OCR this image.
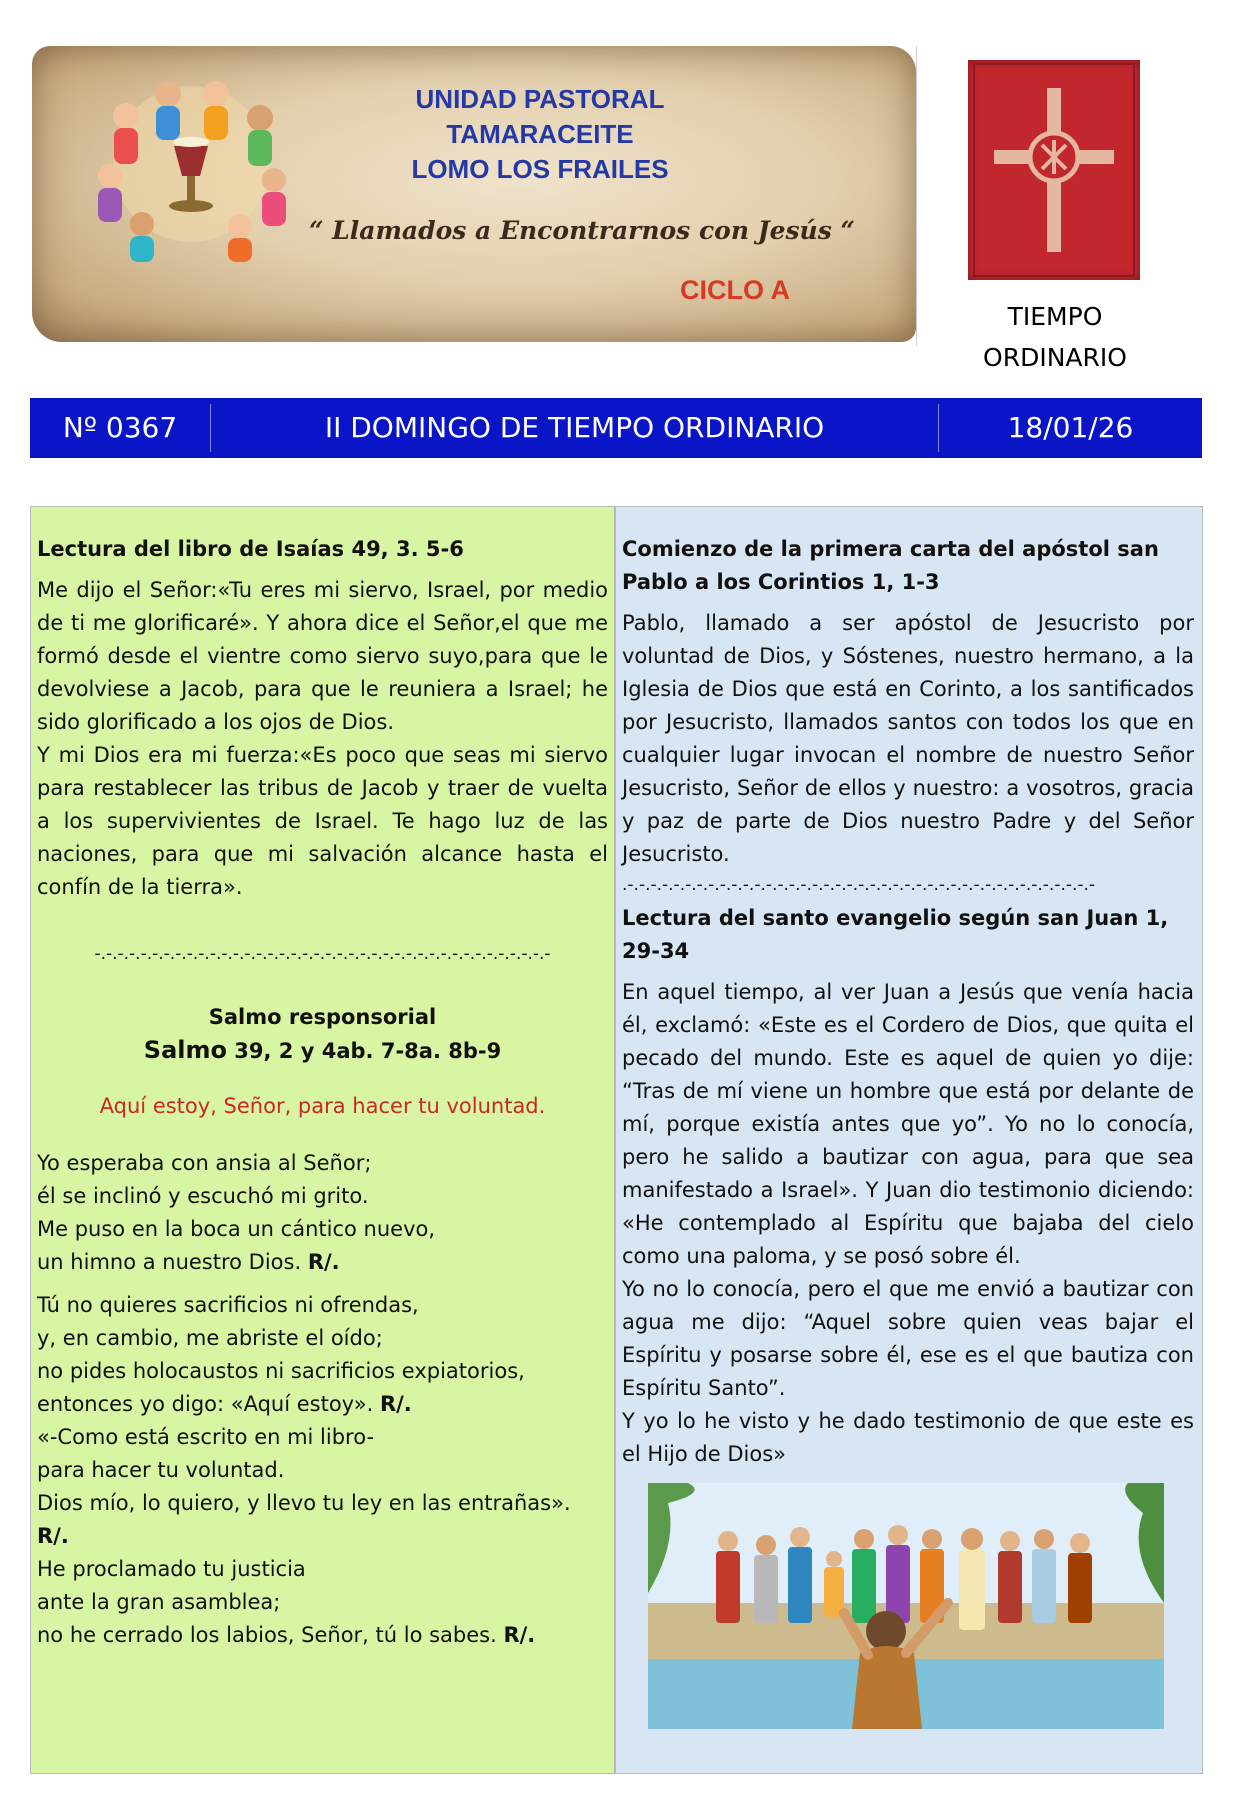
UNIDAD PASTORAL
TAMARACEITE
LOMO LOS FRAILES
“ Llamados a Encontrarnos con Jesús “
CICLO A
TIEMPO
ORDINARIO
Nº 0367	II DOMINGO DE TIEMPO ORDINARIO	18/01/26

Lectura del libro de Isaías 49, 3. 5-6

Me dijo el Señor:«Tu eres mi siervo, Israel, por medio de ti me glorificaré». Y ahora dice el Señor,el que me formó desde el vientre como siervo suyo,para que le devolviese a Jacob, para que le reuniera a Israel; he sido glorificado a los ojos de Dios.

Y mi Dios era mi fuerza:«Es poco que seas mi siervo para restablecer las tribus de Jacob y traer de vuelta a los supervivientes de Israel. Te hago luz de las naciones, para que mi salvación alcance hasta el confín de la tierra».

-.-.-.-.-.-.-.-.-.-.-.-.-.-.-.-.-.-.-.-.-.-.-.-.-.-.-.-.-.-.-.-.-.-.-.-.-.-.-.-

Salmo responsorial

Salmo 39, 2 y 4ab. 7-8a. 8b-9

Aquí estoy, Señor, para hacer tu voluntad.

Yo esperaba con ansia al Señor;

él se inclinó y escuchó mi grito.

Me puso en la boca un cántico nuevo,

un himno a nuestro Dios. R/.

Tú no quieres sacrificios ni ofrendas,

y, en cambio, me abriste el oído;

no pides holocaustos ni sacrificios expiatorios,

entonces yo digo: «Aquí estoy». R/.

«-Como está escrito en mi libro-

para hacer tu voluntad.

Dios mío, lo quiero, y llevo tu ley en las entrañas».

R/.

He proclamado tu justicia

ante la gran asamblea;

no he cerrado los labios, Señor, tú lo sabes. R/.

Comienzo de la primera carta del apóstol san Pablo a los Corintios 1, 1-3

Pablo, llamado a ser apóstol de Jesucristo por voluntad de Dios, y Sóstenes, nuestro hermano, a la Iglesia de Dios que está en Corinto, a los santificados por Jesucristo, llamados santos con todos los que en cualquier lugar invocan el nombre de nuestro Señor Jesucristo, Señor de ellos y nuestro: a vosotros, gracia y paz de parte de Dios nuestro Padre y del Señor Jesucristo.

.-.-.-.-.-.-.-.-.-.-.-.-.-.-.-.-.-.-.-.-.-.-.-.-.-.-.-.-.-.-.-.-.-.-.-.-.-.-.-.-.-

Lectura del santo evangelio según san Juan 1, 29-34

En aquel tiempo, al ver Juan a Jesús que venía hacia él, exclamó: «Este es el Cordero de Dios, que quita el pecado del mundo. Este es aquel de quien yo dije: “Tras de mí viene un hombre que está por delante de mí, porque existía antes que yo”. Yo no lo conocía, pero he salido a bautizar con agua, para que sea manifestado a Israel». Y Juan dio testimonio diciendo: «He contemplado al Espíritu que bajaba del cielo como una paloma, y se posó sobre él.

Yo no lo conocía, pero el que me envió a bautizar con agua me dijo: “Aquel sobre quien veas bajar el Espíritu y posarse sobre él, ese es el que bautiza con Espíritu Santo”.

Y yo lo he visto y he dado testimonio de que este es el Hijo de Dios»
